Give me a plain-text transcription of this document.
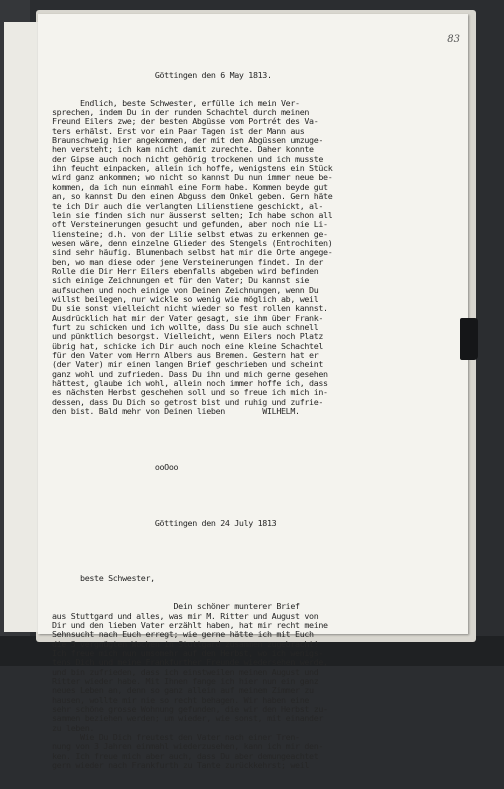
83

Göttingen den 6 May 1813.

Endlich, beste Schwester, erfülle ich mein Ver-
sprechen, indem Du in der runden Schachtel durch meinen
Freund Eilers zwe; der besten Abgüsse vom Portrét des Va-
ters erhälst. Erst vor ein Paar Tagen ist der Mann aus
Braunschweig hier angekommen, der mit den Abgüssen umzuge-
hen versteht; ich kam nicht damit zurechte. Daher konnte
der Gipse auch noch nicht gehörig trockenen und ich musste
ihn feucht einpacken, allein ich hoffe, wenigstens ein Stück
wird ganz ankommen; wo nicht so kannst Du nun immer neue be-
kommen, da ich nun einmahl eine Form habe. Kommen beyde gut
an, so kannst Du den einen Abguss dem Onkel geben. Gern häte
te ich Dir auch die verlangten Lilienstiene geschickt, al-
lein sie finden sich nur äusserst selten; Ich habe schon all
oft Versteinerungen gesucht und gefunden, aber noch nie Li-
liensteine; d.h. von der Lilie selbst etwas zu erkennen ge-
wesen wäre, denn einzelne Glieder des Stengels (Entrochiten)
sind sehr häufig. Blumenbach selbst hat mir die Orte angege-
ben, wo man diese oder jene Versteinerungen findet. In der
Rolle die Dir Herr Eilers ebenfalls abgeben wird befinden
sich einige Zeichnungen et für den Vater; Du kannst sie
aufsuchen und noch einige von Deinen Zeichnungen, wenn Du
willst beilegen, nur wickle so wenig wie möglich ab, weil
Du sie sonst vielleicht nicht wieder so fest rollen kannst.
Ausdrücklich hat mir der Vater gesagt, sie ihm über Frank-
furt zu schicken und ich wollte, dass Du sie auch schnell
und pünktlich besorgst. Vielleicht, wenn Eilers noch Platz
übrig hat, schicke ich Dir auch noch eine kleine Schachtel
für den Vater vom Herrn Albers aus Bremen. Gestern hat er
(der Vater) mir einen langen Brief geschrieben und scheint
ganz wohl und zufrieden. Dass Du ihn und mich gerne gesehen
hättest, glaube ich wohl, allein noch immer hoffe ich, dass
es nächsten Herbst geschehen soll und so freue ich mich in-
dessen, dass Du Dich so getrost bist und ruhig und zufrie-
den bist. Bald mehr von Deinen lieben        WILHELM.

ooOoo

Göttingen den 24 July 1813

beste Schwester,

Dein schöner munterer Brief
aus Stuttgard und alles, was mir M. Ritter und August von
Dir und den lieben Vater erzählt haben, hat mir recht meine
Sehnsucht nach Euch erregt; wie gerne hätte ich mit Euch
die 3 vergnügten Wochen in Stuttgard zusammen zugebracht!
Ich freue mich nun umsomehr auf den Herbst, wo ich wenigs-
tens Dich und meine Frankfurther Freunde wiedersehen werde,
und bin zufrieden, dass ich einstweilen meinen August und
Ritter wieder habe. Mit Ihnen fange ich hier nun ein ganz
neues Leben an, denn so ganz allein auf meinem Zimmer zu
hausen, wollte mir nie so recht behagen. Wir haben eine
sehr schöne grosse Wohnung gefunden, die wir den Herbst zu-
sammen beziehen werden; um wieder, wie sonst, mit einander
zu leben.
Wie Du Dich freutest den Vater nach einer Tren-
nung von 3 Jahren einmahl wiederzusehen, kann ich mir den-
ken. Ich freue mich aber auch, dass Du aber demungeachtet
gern wieder nach Frankfurth zu Tante zurückkehrst; weil
